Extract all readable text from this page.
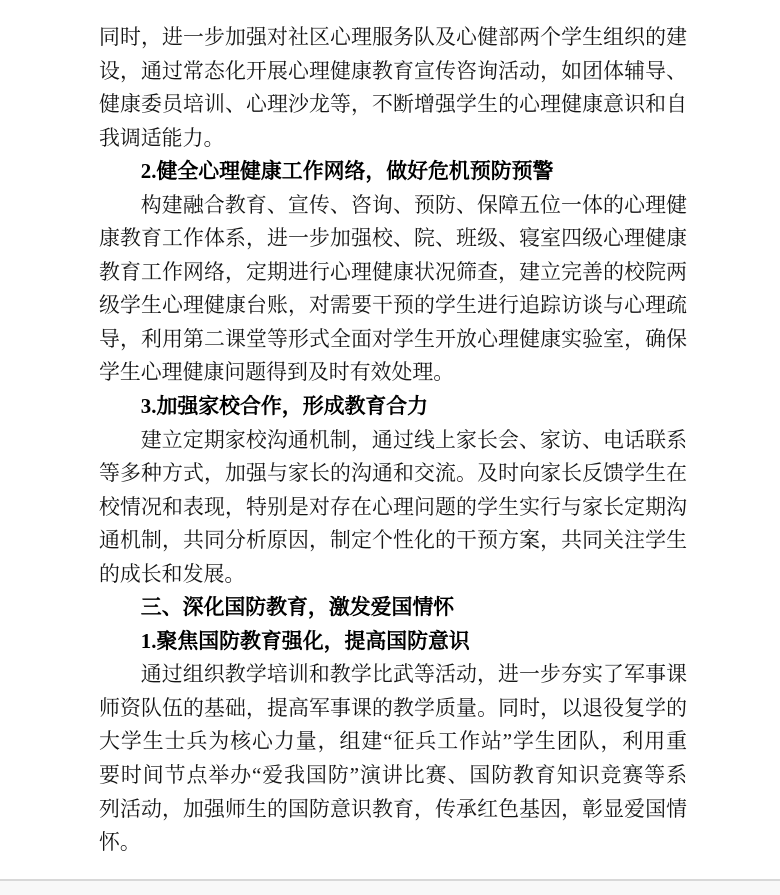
同时，进一步加强对社区心理服务队及心健部两个学生组织的建
设，通过常态化开展心理健康教育宣传咨询活动，如团体辅导、
健康委员培训、心理沙龙等，不断增强学生的心理健康意识和自
我调适能力。
2.健全心理健康工作网络，做好危机预防预警
构建融合教育、宣传、咨询、预防、保障五位一体的心理健
康教育工作体系，进一步加强校、院、班级、寝室四级心理健康
教育工作网络，定期进行心理健康状况筛查，建立完善的校院两
级学生心理健康台账，对需要干预的学生进行追踪访谈与心理疏
导，利用第二课堂等形式全面对学生开放心理健康实验室，确保
学生心理健康问题得到及时有效处理。
3.加强家校合作，形成教育合力
建立定期家校沟通机制，通过线上家长会、家访、电话联系
等多种方式，加强与家长的沟通和交流。及时向家长反馈学生在
校情况和表现，特别是对存在心理问题的学生实行与家长定期沟
通机制，共同分析原因，制定个性化的干预方案，共同关注学生
的成长和发展。
三、深化国防教育，激发爱国情怀
1.聚焦国防教育强化，提高国防意识
通过组织教学培训和教学比武等活动，进一步夯实了军事课
师资队伍的基础，提高军事课的教学质量。同时，以退役复学的
大学生士兵为核心力量，组建“征兵工作站”学生团队，利用重
要时间节点举办“爱我国防”演讲比赛、国防教育知识竞赛等系
列活动，加强师生的国防意识教育，传承红色基因，彰显爱国情
怀。
